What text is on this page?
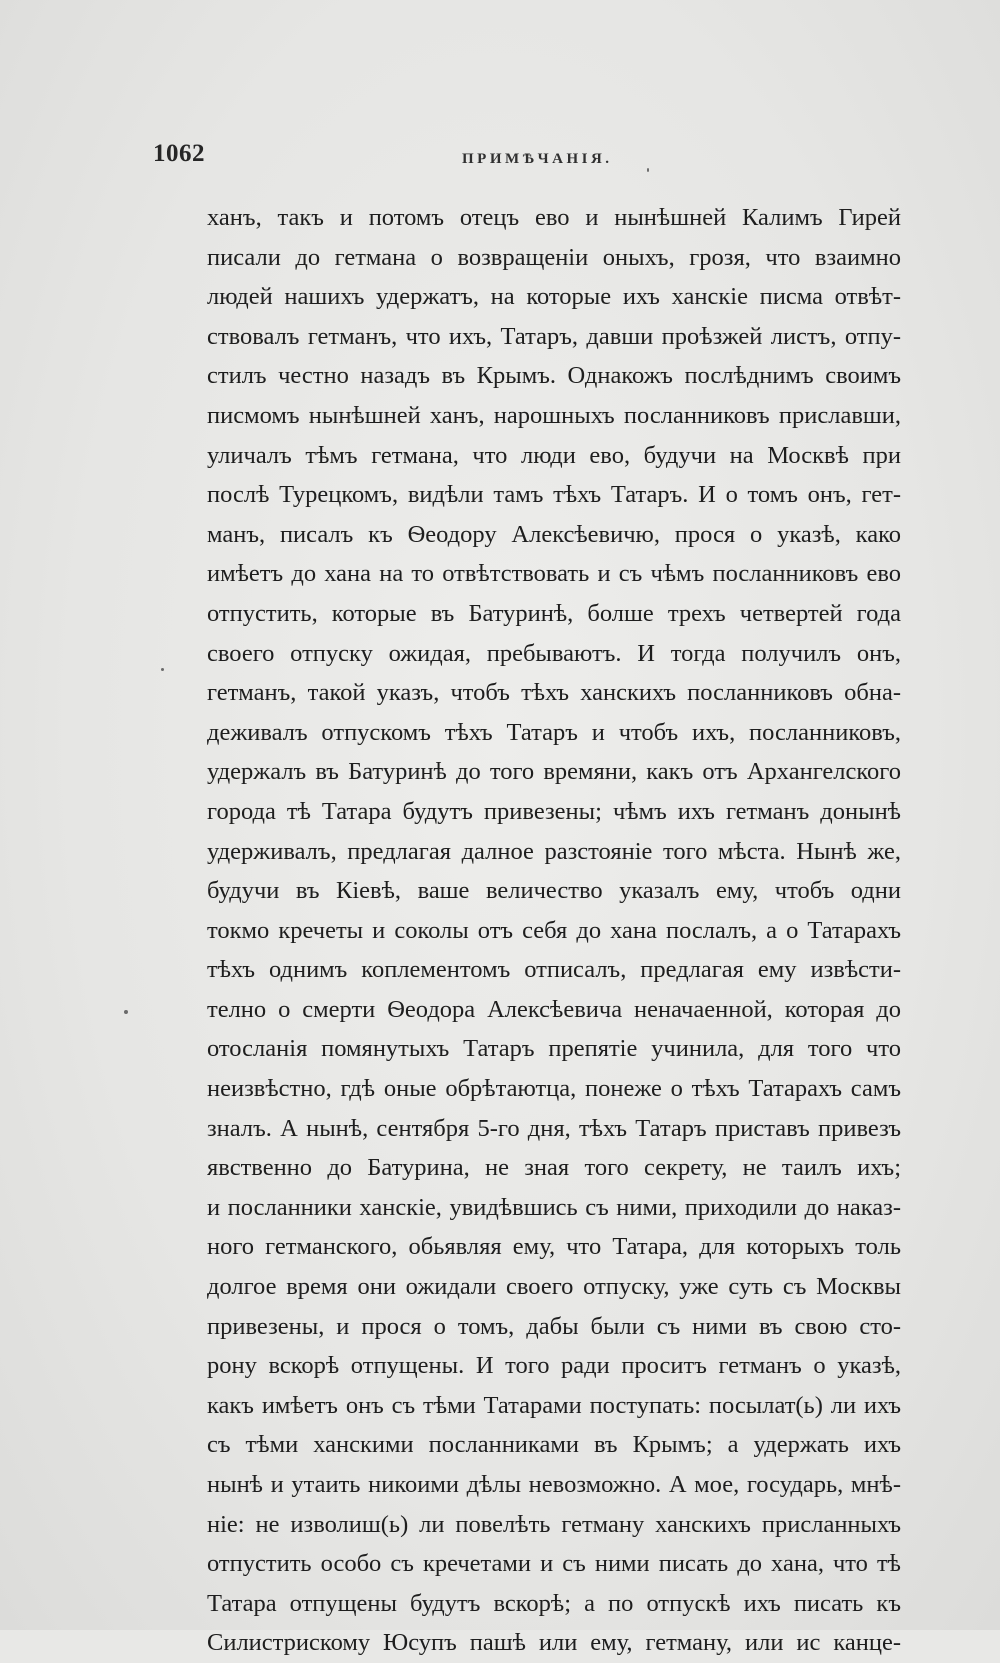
1062	ПРИМѢЧАНІЯ.
ханъ, такъ и потомъ отецъ ево и нынѣшней Калимъ Гирей
писали до гетмана о возвращеніи оныхъ, грозя, что взаимно
людей нашихъ удержатъ, на которые ихъ ханскіе писма отвѣт-
ствовалъ гетманъ, что ихъ, Татаръ, давши проѣзжей листъ, отпу-
стилъ честно назадъ въ Крымъ. Однакожъ послѣднимъ своимъ
писмомъ нынѣшней ханъ, нарошныхъ посланниковъ приславши,
уличалъ тѣмъ гетмана, что люди ево, будучи на Москвѣ при
послѣ Турецкомъ, видѣли тамъ тѣхъ Татаръ. И о томъ онъ, гет-
манъ, писалъ къ Ѳеодору Алексѣевичю, прося о указѣ, како
имѣетъ до хана на то отвѣтствовать и съ чѣмъ посланниковъ ево
отпустить, которые въ Батуринѣ, болше трехъ четвертей года
своего отпуску ожидая, пребываютъ. И тогда получилъ онъ,
гетманъ, такой указъ, чтобъ тѣхъ ханскихъ посланниковъ обна-
деживалъ отпускомъ тѣхъ Татаръ и чтобъ ихъ, посланниковъ,
удержалъ въ Батуринѣ до того времяни, какъ отъ Архангелского
города тѣ Татара будутъ привезены; чѣмъ ихъ гетманъ донынѣ
удерживалъ, предлагая далное разстояніе того мѣста. Нынѣ же,
будучи въ Кіевѣ, ваше величество указалъ ему, чтобъ одни
токмо кречеты и соколы отъ себя до хана послалъ, а о Татарахъ
тѣхъ однимъ коплементомъ отписалъ, предлагая ему извѣсти-
телно о смерти Ѳеодора Алексѣевича неначаенной, которая до
отосланія помянутыхъ Татаръ препятіе учинила, для того что
неизвѣстно, гдѣ оные обрѣтаютца, понеже о тѣхъ Татарахъ самъ
зналъ. А нынѣ, сентября 5-го дня, тѣхъ Татаръ приставъ привезъ
явственно до Батурина, не зная того секрету, не таилъ ихъ;
и посланники ханскіе, увидѣвшись съ ними, приходили до наказ-
ного гетманского, обьявляя ему, что Татара, для которыхъ толь
долгое время они ожидали своего отпуску, уже суть съ Москвы
привезены, и прося о томъ, дабы были съ ними въ свою сто-
рону вскорѣ отпущены. И того ради проситъ гетманъ о указѣ,
какъ имѣетъ онъ съ тѣми Татарами поступать: посылат(ь) ли ихъ
съ тѣми ханскими посланниками въ Крымъ; а удержать ихъ
нынѣ и утаить никоими дѣлы невозможно. А мое, государь, мнѣ-
ніе: не изволиш(ь) ли повелѣть гетману ханскихъ присланныхъ
отпустить особо съ кречетами и съ ними писать до хана, что тѣ
Татара отпущены будутъ вскорѣ; а по отпускѣ ихъ писать къ
Силистрискому Юсупъ пашѣ или ему, гетману, или ис канце-
